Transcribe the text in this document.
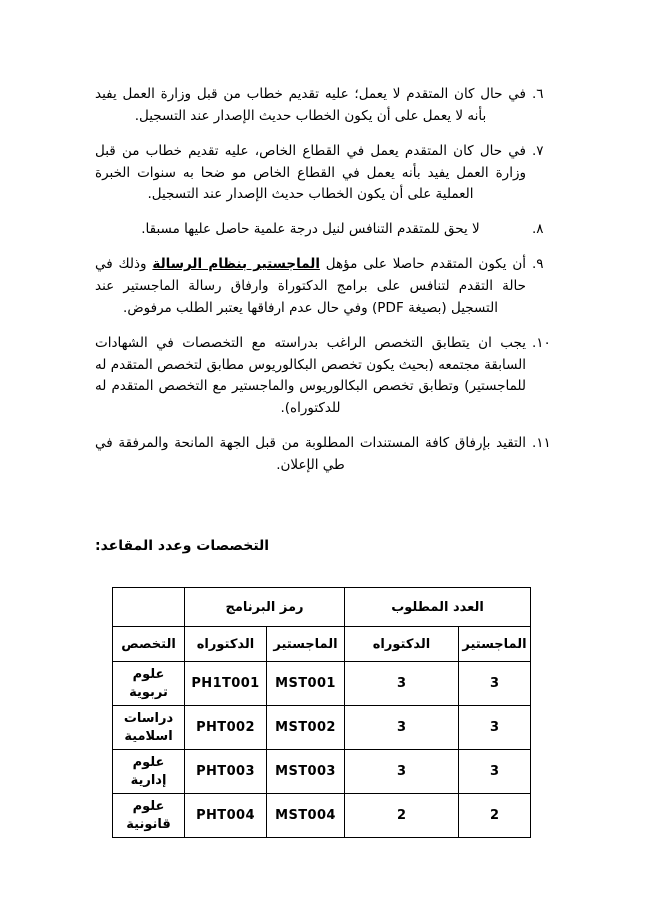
٦.
في حال كان المتقدم لا يعمل؛ عليه تقديم خطاب من قبل وزارة العمل يفيد بأنه لا يعمل على أن يكون الخطاب حديث الإصدار عند التسجيل.
٧.
في حال كان المتقدم يعمل في القطاع الخاص، عليه تقديم خطاب من قبل وزارة العمل يفيد بأنه يعمل في القطاع الخاص مو ضحا به سنوات الخبرة العملية على أن يكون الخطاب حديث الإصدار عند التسجيل.
٨.
لا يحق للمتقدم التنافس لنيل درجة علمية حاصل عليها مسبقا.
٩.
أن يكون المتقدم حاصلا على مؤهل الماجستير بنظام الرسالة وذلك في حالة التقدم لتنافس على برامج الدكتوراة وارفاق رسالة الماجستير عند التسجيل (بصيغة PDF) وفي حال عدم ارفاقها يعتبر الطلب مرفوض.
١٠.
يجب ان يتطابق التخصص الراغب بدراسته مع التخصصات في الشهادات السابقة مجتمعه (بحيث يكون تخصص البكالوريوس مطابق لتخصص المتقدم له للماجستير) وتطابق تخصص البكالوريوس والماجستير مع التخصص المتقدم له للدكتوراه).
١١.
التقيد بإرفاق كافة المستندات المطلوبة من قبل الجهة المانحة والمرفقة في طي الإعلان.
التخصصات وعدد المقاعد:
العدد المطلوب		رمز البرنامج		
الماجستير	الدكتوراه	الماجستير	الدكتوراه	التخصص
3	3	MST001	PH1T001	علوم تربوية
3	3	MST002	PHT002	دراسات اسلامية
3	3	MST003	PHT003	علوم إدارية
2	2	MST004	PHT004	علوم قانونية
